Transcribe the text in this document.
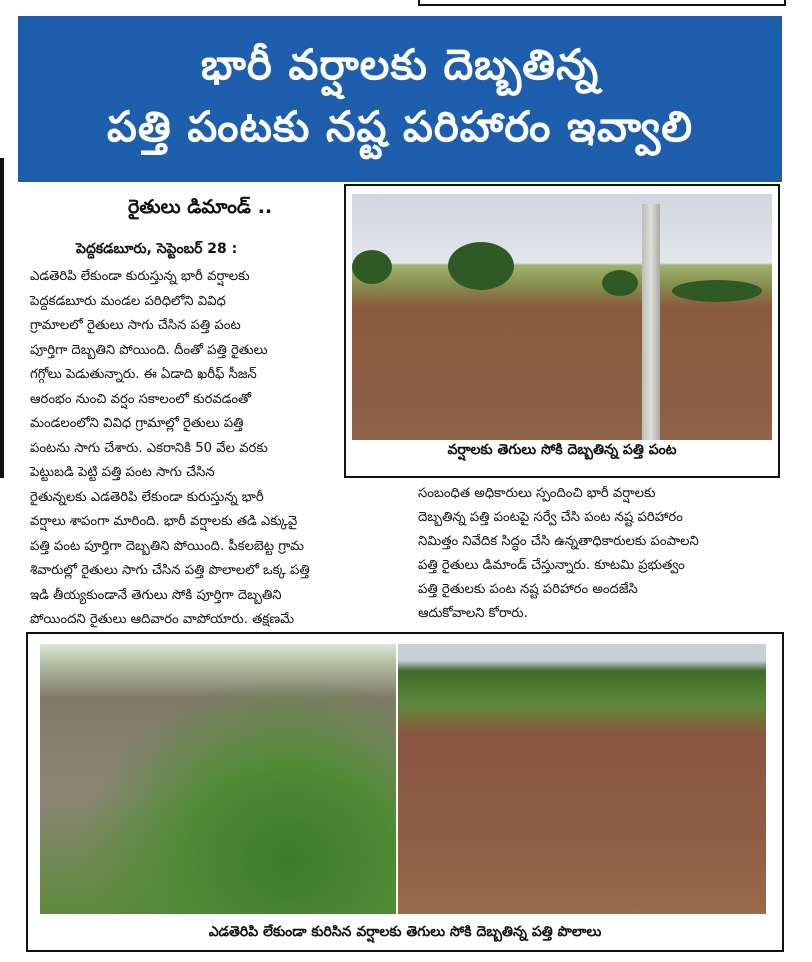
భారీ వర్షాలకు దెబ్బతిన్న
పత్తి పంటకు నష్ట పరిహారం ఇవ్వాలి
రైతులు డిమాండ్ ..
పెద్దకడబూరు, సెప్టెంబర్ 28 :
ఎడతెరిపి లేకుండా కురుస్తున్న భారీ వర్షాలకు
పెద్దకడబూరు మండల పరిధిలోని వివిధ
గ్రామాలలో రైతులు సాగు చేసిన పత్తి పంట
పూర్తిగా దెబ్బతిని పోయింది. దీంతో పత్తి రైతులు
గగ్గోలు పెడుతున్నారు. ఈ ఏడాది ఖరీఫ్ సీజన్
ఆరంభం నుంచి వర్షం సకాలంలో కురవడంతో
మండలంలోని వివిధ గ్రామాల్లో రైతులు పత్తి
పంటను సాగు చేశారు. ఎకరానికి 50 వేల వరకు
పెట్టుబడి పెట్టి పత్తి పంట సాగు చేసిన
రైతున్నలకు ఎడతెరిపి లేకుండా కురుస్తున్న భారీ
వర్షాలు శాపంగా మారింది. భారీ వర్షాలకు తడి ఎక్కువై
పత్తి పంట పూర్తిగా దెబ్బతిని పోయింది. పీకలబెట్ట గ్రామ
శివారుల్లో రైతులు సాగు చేసిన పత్తి పొలాలలో ఒక్క పత్తి
ఇడి తీయ్యకుండానే తెగులు సోకి పూర్తిగా దెబ్బతిని
పోయిందని రైతులు ఆదివారం వాపోయారు. తక్షణమే
వర్షాలకు తెగులు సోకి దెబ్బతిన్న పత్తి పంట
సంబంధిత అధికారులు స్పందించి భారీ వర్షాలకు
దెబ్బతిన్న పత్తి పంటపై సర్వే చేసి పంట నష్ట పరిహారం
నిమిత్తం నివేదిక సిద్ధం చేసి ఉన్నతాధికారులకు పంపాలని
పత్తి రైతులు డిమాండ్ చేస్తున్నారు. కూటమి ప్రభుత్వం
పత్తి రైతులకు పంట నష్ట పరిహారం అందజేసి
ఆదుకోవాలని కోరారు.
ఎడతెరిపి లేకుండా కురిసిన వర్షాలకు తెగులు సోకి దెబ్బతిన్న పత్తి పొలాలు
